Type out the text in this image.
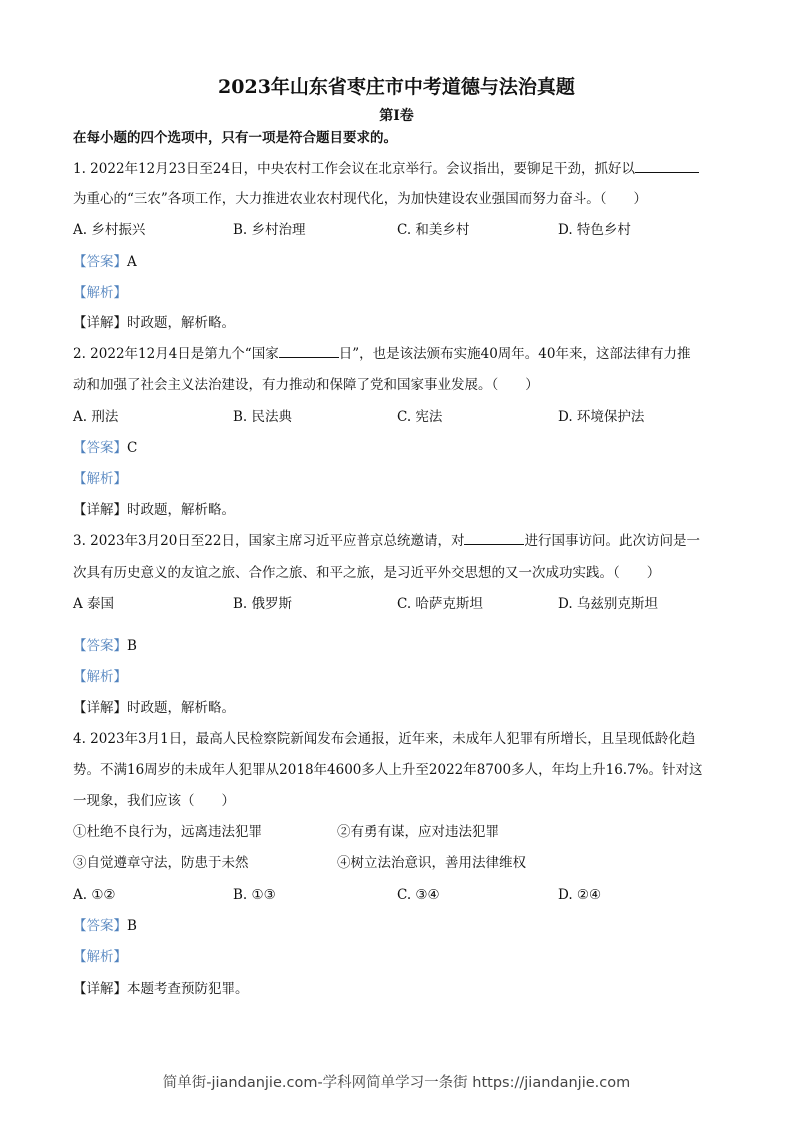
2023年山东省枣庄市中考道德与法治真题
第Ⅰ卷
在每小题的四个选项中，只有一项是符合题目要求的。
1. 2022年12月23日至24日，中央农村工作会议在北京举行。会议指出，要铆足干劲，抓好以
为重心的“三农”各项工作，大力推进农业农村现代化，为加快建设农业强国而努力奋斗。（　　）
A. 乡村振兴	B. 乡村治理	C. 和美乡村	D. 特色乡村
【答案】A
【解析】
【详解】时政题，解析略。
2. 2022年12月4日是第九个“国家	日”，也是该法颁布实施40周年。40年来，这部法律有力推
动和加强了社会主义法治建设，有力推动和保障了党和国家事业发展。（　　）
A. 刑法	B. 民法典	C. 宪法	D. 环境保护法
【答案】C
【解析】
【详解】时政题，解析略。
3. 2023年3月20日至22日，国家主席习近平应普京总统邀请，对	进行国事访问。此次访问是一
次具有历史意义的友谊之旅、合作之旅、和平之旅，是习近平外交思想的又一次成功实践。（　　）
A 泰国	B. 俄罗斯	C. 哈萨克斯坦	D. 乌兹别克斯坦
【答案】B
【解析】
【详解】时政题，解析略。
4. 2023年3月1日，最高人民检察院新闻发布会通报，近年来，未成年人犯罪有所增长，且呈现低龄化趋
势。不满16周岁的未成年人犯罪从2018年4600多人上升至2022年8700多人，年均上升16.7%。针对这
一现象，我们应该（　　）
①杜绝不良行为，远离违法犯罪	②有勇有谋，应对违法犯罪
③自觉遵章守法，防患于未然	④树立法治意识，善用法律维权
A. ①②	B. ①③	C. ③④	D. ②④
【答案】B
【解析】
【详解】本题考查预防犯罪。
简单街-jiandanjie.com-学科网简单学习一条街 https://jiandanjie.com
